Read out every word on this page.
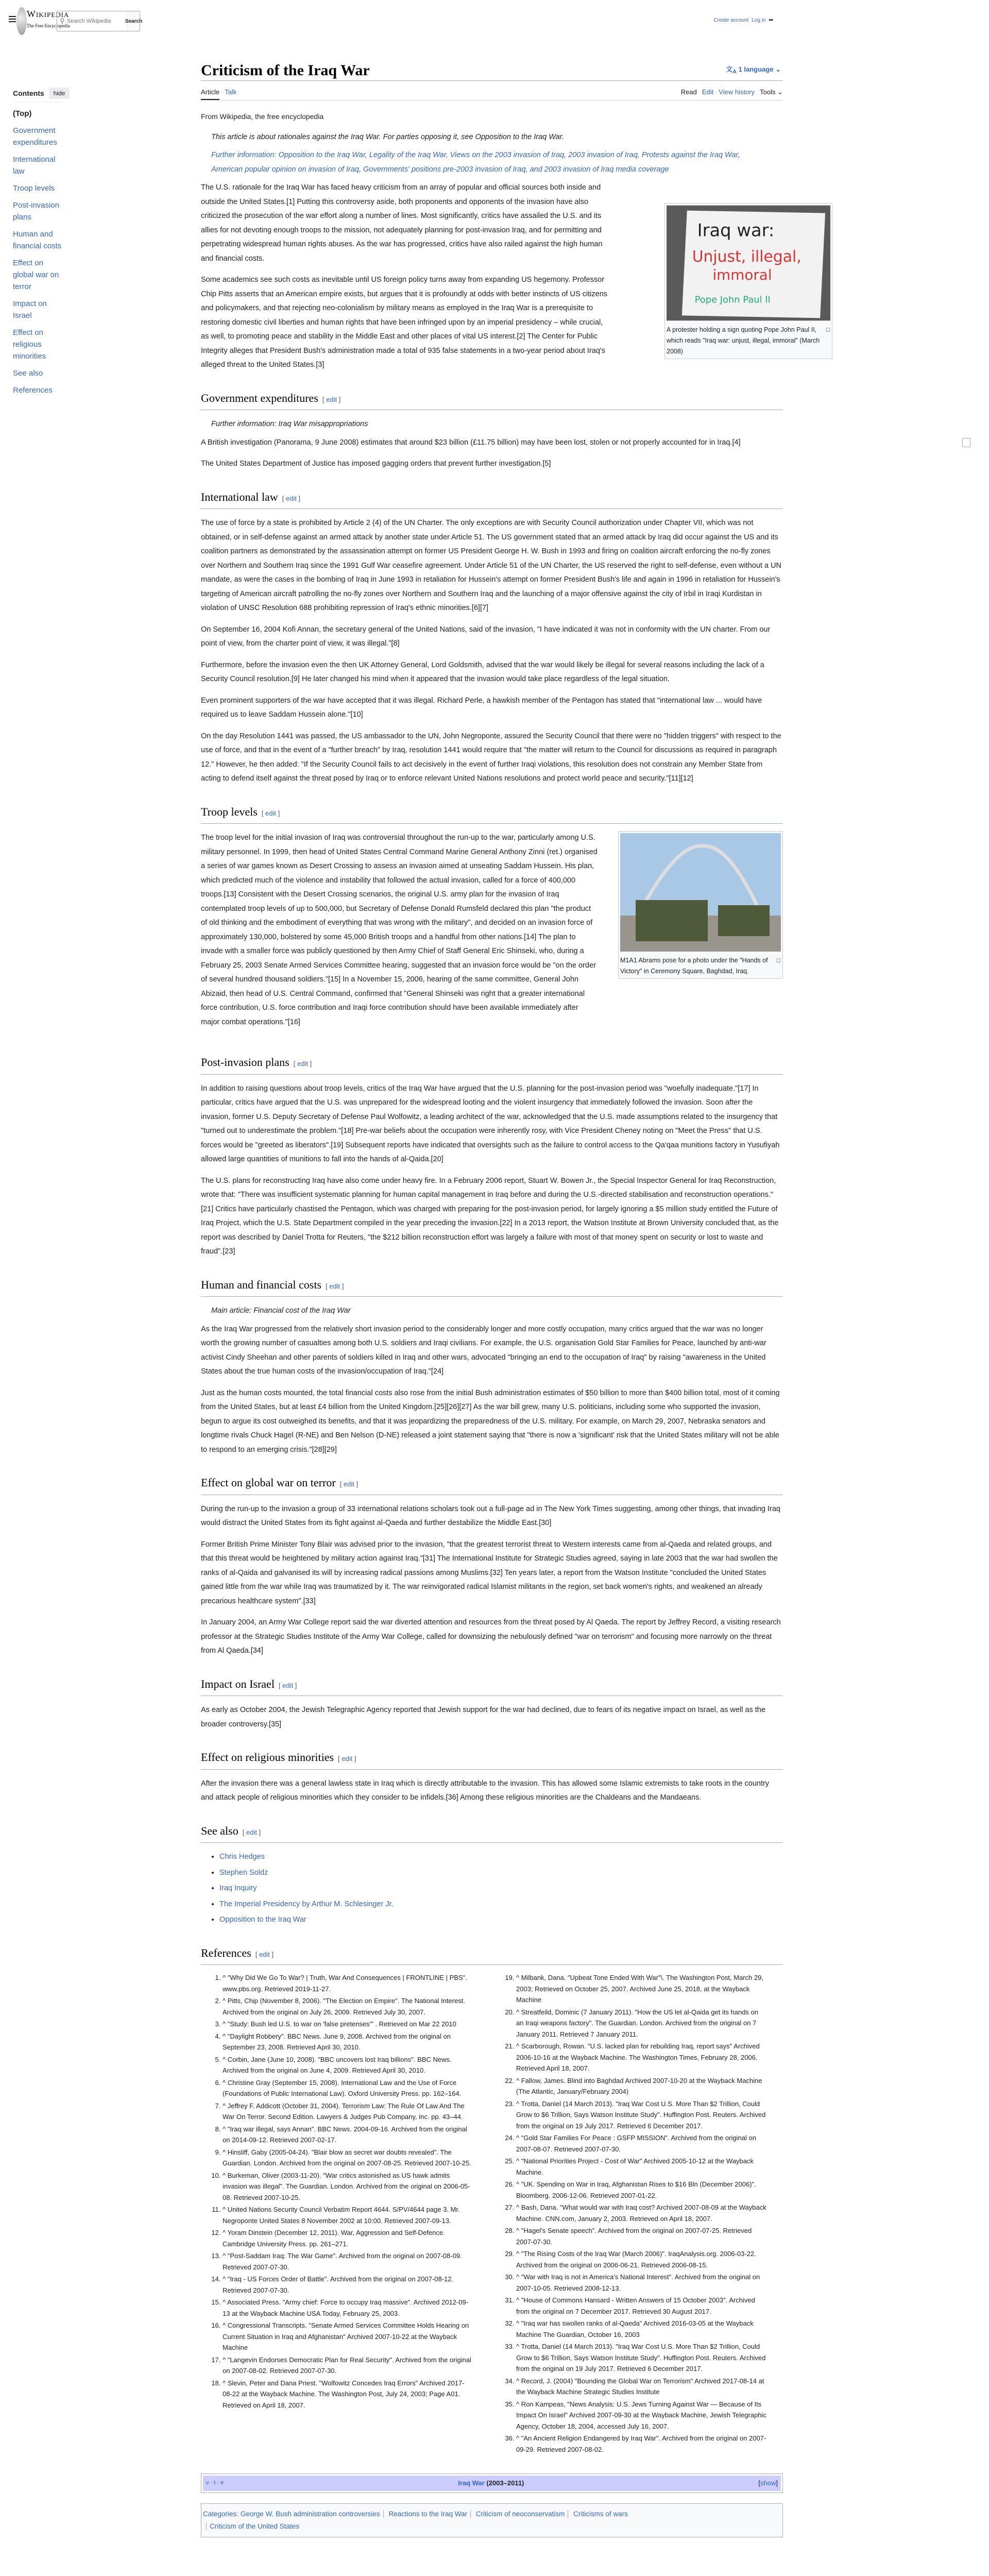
Wikipedia
The Free Encyclopedia
⚲
Search Wikipedia	Search	Create account Log in •••
Contents	hide
(Top)
Government expenditures
International law
Troop levels
Post-invasion plans
Human and financial costs
Effect on global war on terror
Impact on Israel
Effect on religious minorities
See also
References
Criticism of the Iraq War	文$_A$ 1 language ⌄
Article Talk	Read Edit View history Tools ⌄
From Wikipedia, the free encyclopedia
This article is about rationales against the Iraq War. For parties opposing it, see Opposition to the Iraq War.
Further information: Opposition to the Iraq War, Legality of the Iraq War, Views on the 2003 invasion of Iraq, 2003 invasion of Iraq, Protests against the Iraq War, American popular opinion on invasion of Iraq, Governments' positions pre-2003 invasion of Iraq, and 2003 invasion of Iraq media coverage

The U.S. rationale for the Iraq War has faced heavy criticism from an array of popular and official sources both inside and outside the United States.[1] Putting this controversy aside, both proponents and opponents of the invasion have also criticized the prosecution of the war effort along a number of lines. Most significantly, critics have assailed the U.S. and its allies for not devoting enough troops to the mission, not adequately planning for post-invasion Iraq, and for permitting and perpetrating widespread human rights abuses. As the war has progressed, critics have also railed against the high human and financial costs.

Some academics see such costs as inevitable until US foreign policy turns away from expanding US hegemony. Professor Chip Pitts asserts that an American empire exists, but argues that it is profoundly at odds with better instincts of US citizens and policymakers, and that rejecting neo-colonialism by military means as employed in the Iraq War is a prerequisite to restoring domestic civil liberties and human rights that have been infringed upon by an imperial presidency – while crucial, as well, to promoting peace and stability in the Middle East and other places of vital US interest.[2] The Center for Public Integrity alleges that President Bush's administration made a total of 935 false statements in a two-year period about Iraq's alleged threat to the United States.[3]

Iraq war:
Unjust, illegal,
immoral
Pope John Paul II
◻
A protester holding a sign quoting Pope John Paul II, which reads "Iraq war: unjust, illegal, immoral" (March 2008)
Government expenditures [ edit ]
Further information: Iraq War misappropriations

A British investigation (Panorama, 9 June 2008) estimates that around $23 billion (£11.75 billion) may have been lost, stolen or not properly accounted for in Iraq.[4]

The United States Department of Justice has imposed gagging orders that prevent further investigation.[5]

International law [ edit ]

The use of force by a state is prohibited by Article 2 (4) of the UN Charter. The only exceptions are with Security Council authorization under Chapter VII, which was not obtained, or in self-defense against an armed attack by another state under Article 51. The US government stated that an armed attack by Iraq did occur against the US and its coalition partners as demonstrated by the assassination attempt on former US President George H. W. Bush in 1993 and firing on coalition aircraft enforcing the no-fly zones over Northern and Southern Iraq since the 1991 Gulf War ceasefire agreement. Under Article 51 of the UN Charter, the US reserved the right to self-defense, even without a UN mandate, as were the cases in the bombing of Iraq in June 1993 in retaliation for Hussein's attempt on former President Bush's life and again in 1996 in retaliation for Hussein's targeting of American aircraft patrolling the no-fly zones over Northern and Southern Iraq and the launching of a major offensive against the city of Irbil in Iraqi Kurdistan in violation of UNSC Resolution 688 prohibiting repression of Iraq's ethnic minorities.[6][7]

On September 16, 2004 Kofi Annan, the secretary general of the United Nations, said of the invasion, "I have indicated it was not in conformity with the UN charter. From our point of view, from the charter point of view, it was illegal."[8]

Furthermore, before the invasion even the then UK Attorney General, Lord Goldsmith, advised that the war would likely be illegal for several reasons including the lack of a Security Council resolution.[9] He later changed his mind when it appeared that the invasion would take place regardless of the legal situation.

Even prominent supporters of the war have accepted that it was illegal. Richard Perle, a hawkish member of the Pentagon has stated that "international law ... would have required us to leave Saddam Hussein alone."[10]

On the day Resolution 1441 was passed, the US ambassador to the UN, John Negroponte, assured the Security Council that there were no "hidden triggers" with respect to the use of force, and that in the event of a "further breach" by Iraq, resolution 1441 would require that "the matter will return to the Council for discussions as required in paragraph 12." However, he then added: "If the Security Council fails to act decisively in the event of further Iraqi violations, this resolution does not constrain any Member State from acting to defend itself against the threat posed by Iraq or to enforce relevant United Nations resolutions and protect world peace and security."[11][12]

Troop levels [ edit ]

The troop level for the initial invasion of Iraq was controversial throughout the run-up to the war, particularly among U.S. military personnel. In 1999, then head of United States Central Command Marine General Anthony Zinni (ret.) organised a series of war games known as Desert Crossing to assess an invasion aimed at unseating Saddam Hussein. His plan, which predicted much of the violence and instability that followed the actual invasion, called for a force of 400,000 troops.[13] Consistent with the Desert Crossing scenarios, the original U.S. army plan for the invasion of Iraq contemplated troop levels of up to 500,000, but Secretary of Defense Donald Rumsfeld declared this plan "the product of old thinking and the embodiment of everything that was wrong with the military", and decided on an invasion force of approximately 130,000, bolstered by some 45,000 British troops and a handful from other nations.[14] The plan to invade with a smaller force was publicly questioned by then Army Chief of Staff General Eric Shinseki, who, during a February 25, 2003 Senate Armed Services Committee hearing, suggested that an invasion force would be "on the order of several hundred thousand soldiers."[15] In a November 15, 2006, hearing of the same committee, General John Abizaid, then head of U.S. Central Command, confirmed that "General Shinseki was right that a greater international force contribution, U.S. force contribution and Iraqi force contribution should have been available immediately after major combat operations."[16]

◻
M1A1 Abrams pose for a photo under the "Hands of Victory" in Ceremony Square, Baghdad, Iraq.
Post-invasion plans [ edit ]

In addition to raising questions about troop levels, critics of the Iraq War have argued that the U.S. planning for the post-invasion period was "woefully inadequate."[17] In particular, critics have argued that the U.S. was unprepared for the widespread looting and the violent insurgency that immediately followed the invasion. Soon after the invasion, former U.S. Deputy Secretary of Defense Paul Wolfowitz, a leading architect of the war, acknowledged that the U.S. made assumptions related to the insurgency that "turned out to underestimate the problem."[18] Pre-war beliefs about the occupation were inherently rosy, with Vice President Cheney noting on "Meet the Press" that U.S. forces would be "greeted as liberators".[19] Subsequent reports have indicated that oversights such as the failure to control access to the Qa'qaa munitions factory in Yusufiyah allowed large quantities of munitions to fall into the hands of al-Qaida.[20]

The U.S. plans for reconstructing Iraq have also come under heavy fire. In a February 2006 report, Stuart W. Bowen Jr., the Special Inspector General for Iraq Reconstruction, wrote that: "There was insufficient systematic planning for human capital management in Iraq before and during the U.S.-directed stabilisation and reconstruction operations."[21] Critics have particularly chastised the Pentagon, which was charged with preparing for the post-invasion period, for largely ignoring a $5 million study entitled the Future of Iraq Project, which the U.S. State Department compiled in the year preceding the invasion.[22] In a 2013 report, the Watson Institute at Brown University concluded that, as the report was described by Daniel Trotta for Reuters, "the $212 billion reconstruction effort was largely a failure with most of that money spent on security or lost to waste and fraud".[23]

Human and financial costs [ edit ]
Main article: Financial cost of the Iraq War

As the Iraq War progressed from the relatively short invasion period to the considerably longer and more costly occupation, many critics argued that the war was no longer worth the growing number of casualties among both U.S. soldiers and Iraqi civilians. For example, the U.S. organisation Gold Star Families for Peace, launched by anti-war activist Cindy Sheehan and other parents of soldiers killed in Iraq and other wars, advocated "bringing an end to the occupation of Iraq" by raising "awareness in the United States about the true human costs of the invasion/occupation of Iraq."[24]

Just as the human costs mounted, the total financial costs also rose from the initial Bush administration estimates of $50 billion to more than $400 billion total, most of it coming from the United States, but at least £4 billion from the United Kingdom.[25][26][27] As the war bill grew, many U.S. politicians, including some who supported the invasion, begun to argue its cost outweighed its benefits, and that it was jeopardizing the preparedness of the U.S. military. For example, on March 29, 2007, Nebraska senators and longtime rivals Chuck Hagel (R-NE) and Ben Nelson (D-NE) released a joint statement saying that "there is now a 'significant' risk that the United States military will not be able to respond to an emerging crisis."[28][29]

Effect on global war on terror [ edit ]

During the run-up to the invasion a group of 33 international relations scholars took out a full-page ad in The New York Times suggesting, among other things, that invading Iraq would distract the United States from its fight against al-Qaeda and further destabilize the Middle East.[30]

Former British Prime Minister Tony Blair was advised prior to the invasion, "that the greatest terrorist threat to Western interests came from al-Qaeda and related groups, and that this threat would be heightened by military action against Iraq."[31] The International Institute for Strategic Studies agreed, saying in late 2003 that the war had swollen the ranks of al-Qaida and galvanised its will by increasing radical passions among Muslims.[32] Ten years later, a report from the Watson Institute "concluded the United States gained little from the war while Iraq was traumatized by it. The war reinvigorated radical Islamist militants in the region, set back women's rights, and weakened an already precarious healthcare system".[33]

In January 2004, an Army War College report said the war diverted attention and resources from the threat posed by Al Qaeda. The report by Jeffrey Record, a visiting research professor at the Strategic Studies Institute of the Army War College, called for downsizing the nebulously defined "war on terrorism" and focusing more narrowly on the threat from Al Qaeda.[34]

Impact on Israel [ edit ]

As early as October 2004, the Jewish Telegraphic Agency reported that Jewish support for the war had declined, due to fears of its negative impact on Israel, as well as the broader controversy.[35]

Effect on religious minorities [ edit ]

After the invasion there was a general lawless state in Iraq which is directly attributable to the invasion. This has allowed some Islamic extremists to take roots in the country and attack people of religious minorities which they consider to be infidels.[36] Among these religious minorities are the Chaldeans and the Mandaeans.

See also [ edit ]
• Chris Hedges
• Stephen Soldz
• Iraq Inquiry
• The Imperial Presidency by Arthur M. Schlesinger Jr.
• Opposition to the Iraq War
References [ edit ]
1. ^ "Why Did We Go To War? | Truth, War And Consequences | FRONTLINE | PBS". www.pbs.org. Retrieved 2019-11-27.
2. ^ Pitts, Chip (November 8, 2006). "The Election on Empire". The National Interest. Archived from the original on July 26, 2009. Retrieved July 30, 2007.
3. ^ "Study: Bush led U.S. to war on 'false pretenses'" . Retrieved on Mar 22 2010
4. ^ "Daylight Robbery". BBC News. June 9, 2008. Archived from the original on September 23, 2008. Retrieved April 30, 2010.
5. ^ Corbin, Jane (June 10, 2008). "BBC uncovers lost Iraq billions". BBC News. Archived from the original on June 4, 2009. Retrieved April 30, 2010.
6. ^ Christine Gray (September 15, 2008). International Law and the Use of Force (Foundations of Public International Law). Oxford University Press. pp. 162–164.
7. ^ Jeffrey F. Addicott (October 31, 2004). Terrorism Law: The Rule Of Law And The War On Terror. Second Edition. Lawyers & Judges Pub Company, inc. pp. 43–44.
8. ^ "Iraq war illegal, says Annan". BBC News. 2004-09-16. Archived from the original on 2014-09-12. Retrieved 2007-02-17.
9. ^ Hinsliff, Gaby (2005-04-24). "Blair blow as secret war doubts revealed". The Guardian. London. Archived from the original on 2007-08-25. Retrieved 2007-10-25.
10. ^ Burkeman, Oliver (2003-11-20). "War critics astonished as US hawk admits invasion was illegal". The Guardian. London. Archived from the original on 2006-05-08. Retrieved 2007-10-25.
11. ^ United Nations Security Council Verbatim Report 4644. S/PV/4644 page 3. Mr. Negroponte United States 8 November 2002 at 10:00. Retrieved 2007-09-13.
12. ^ Yoram Dinstein (December 12, 2011). War, Aggression and Self-Defence. Cambridge University Press. pp. 261–271.
13. ^ "Post-Saddam Iraq: The War Game". Archived from the original on 2007-08-09. Retrieved 2007-07-30.
14. ^ "Iraq - US Forces Order of Battle". Archived from the original on 2007-08-12. Retrieved 2007-07-30.
15. ^ Associated Press. "Army chief: Force to occupy Iraq massive". Archived 2012-09-13 at the Wayback Machine USA Today, February 25, 2003.
16. ^ Congressional Transcripts. "Senate Armed Services Committee Holds Hearing on Current Situation in Iraq and Afghanistan" Archived 2007-10-22 at the Wayback Machine
17. ^ "Langevin Endorses Democratic Plan for Real Security". Archived from the original on 2007-08-02. Retrieved 2007-07-30.
18. ^ Slevin, Peter and Dana Priest. "Wolfowitz Concedes Iraq Errors" Archived 2017-08-22 at the Wayback Machine. The Washington Post, July 24, 2003; Page A01. Retrieved on April 18, 2007.
19. ^ Milbank, Dana. "Upbeat Tone Ended With War"\. The Washington Post, March 29, 2003; Retrieved on October 25, 2007. Archived June 25, 2018, at the Wayback Machine
20. ^ Streatfeild, Dominic (7 January 2011). "How the US let al-Qaida get its hands on an Iraqi weapons factory". The Guardian. London. Archived from the original on 7 January 2011. Retrieved 7 January 2011.
21. ^ Scarborough, Rowan. "U.S. lacked plan for rebuilding Iraq, report says" Archived 2006-10-16 at the Wayback Machine. The Washington Times, February 28, 2006. Retrieved April 18, 2007.
22. ^ Fallow, James. Blind into Baghdad Archived 2007-10-20 at the Wayback Machine (The Atlantic, January/February 2004)
23. ^ Trotta, Daniel (14 March 2013). "Iraq War Cost U.S. More Than $2 Trillion, Could Grow to $6 Trillion, Says Watson Institute Study". Huffington Post. Reuters. Archived from the original on 19 July 2017. Retrieved 6 December 2017.
24. ^ "Gold Star Families For Peace : GSFP MISSION". Archived from the original on 2007-08-07. Retrieved 2007-07-30.
25. ^ "National Priorities Project - Cost of War" Archived 2005-10-12 at the Wayback Machine.
26. ^ "UK. Spending on War in Iraq, Afghanistan Rises to $16 Bln (December 2006)". Bloomberg. 2006-12-06. Retrieved 2007-01-22.
27. ^ Bash, Dana. "What would war with Iraq cost? Archived 2007-08-09 at the Wayback Machine. CNN.com, January 2, 2003. Retrieved on April 18, 2007.
28. ^ "Hagel's Senate speech". Archived from the original on 2007-07-25. Retrieved 2007-07-30.
29. ^ "The Rising Costs of the Iraq War (March 2006)". IraqAnalysis.org. 2006-03-22. Archived from the original on 2006-06-21. Retrieved 2006-08-15.
30. ^ "War with Iraq is not in America's National Interest". Archived from the original on 2007-10-05. Retrieved 2008-12-13.
31. ^ "House of Commons Hansard - Written Answers of 15 October 2003". Archived from the original on 7 December 2017. Retrieved 30 August 2017.
32. ^ "Iraq war has swollen ranks of al-Qaeda" Archived 2016-03-05 at the Wayback Machine The Guardian, October 16, 2003
33. ^ Trotta, Daniel (14 March 2013). "Iraq War Cost U.S. More Than $2 Trillion, Could Grow to $6 Trillion, Says Watson Institute Study". Huffington Post. Reuters. Archived from the original on 19 July 2017. Retrieved 6 December 2017.
34. ^ Record, J. (2004) "Bounding the Global War on Terrorism" Archived 2017-08-14 at the Wayback Machine Strategic Studies Institute
35. ^ Ron Kampeas, "News Analysis: U.S. Jews Turning Against War — Because of Its Impact On Israel" Archived 2007-09-30 at the Wayback Machine, Jewish Telegraphic Agency, October 18, 2004, accessed July 16, 2007.
36. ^ "An Ancient Religion Endangered by Iraq War". Archived from the original on 2007-09-29. Retrieved 2007-08-02.
v · t · e	Iraq War (2003–2011)	[show]
Categories: George W. Bush administration controversies Reactions to the Iraq War Criticism of neoconservatism Criticisms of wars
Criticism of the United States
